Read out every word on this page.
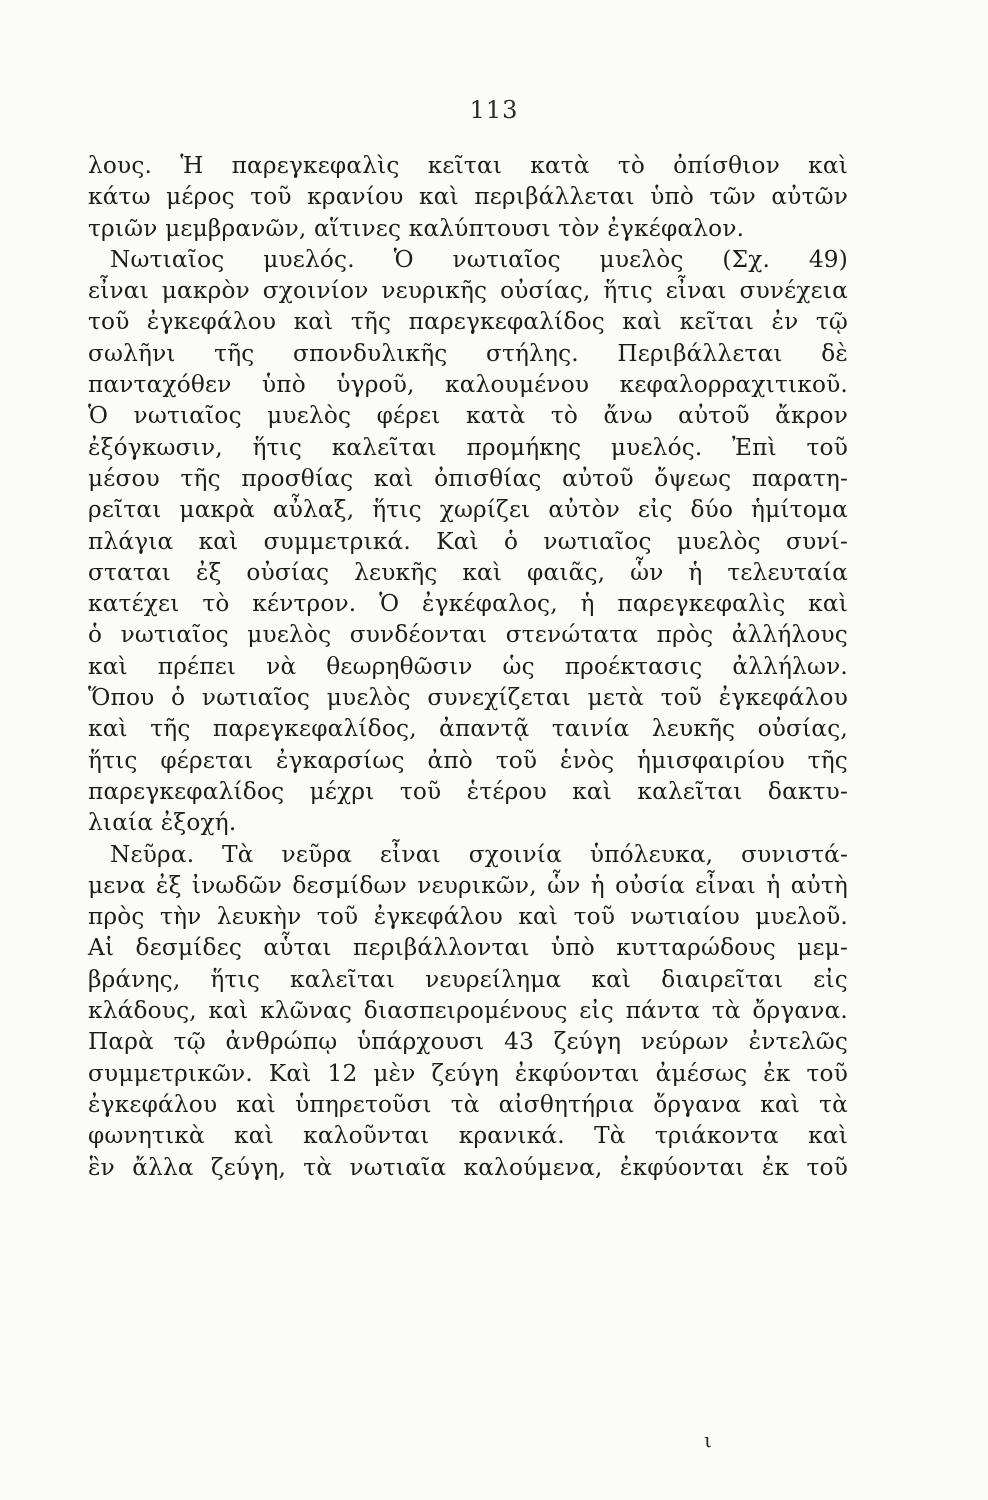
113
λους. Ἡ παρεγκεφαλὶς κεῖται κατὰ τὸ ὀπίσθιον καὶ
κάτω μέρος τοῦ κρανίου καὶ περιβάλλεται ὑπὸ τῶν αὐτῶν
τριῶν μεμβρανῶν, αἵτινες καλύπτουσι τὸν ἐγκέφαλον.
Νωτιαῖος μυελός. Ὁ νωτιαῖος μυελὸς (Σχ. 49)
εἶναι μακρὸν σχοινίον νευρικῆς οὐσίας, ἥτις εἶναι συνέχεια
τοῦ ἐγκεφάλου καὶ τῆς παρεγκεφαλίδος καὶ κεῖται ἐν τῷ
σωλῆνι τῆς σπονδυλικῆς στήλης. Περιβάλλεται δὲ
πανταχόθεν ὑπὸ ὑγροῦ, καλουμένου κεφαλορραχιτικοῦ.
Ὁ νωτιαῖος μυελὸς φέρει κατὰ τὸ ἄνω αὐτοῦ ἄκρον
ἐξόγκωσιν, ἥτις καλεῖται προμήκης μυελός. Ἐπὶ τοῦ
μέσου τῆς προσθίας καὶ ὀπισθίας αὐτοῦ ὄψεως παρατη-
ρεῖται μακρὰ αὖλαξ, ἥτις χωρίζει αὐτὸν εἰς δύο ἡμίτομα
πλάγια καὶ συμμετρικά. Καὶ ὁ νωτιαῖος μυελὸς συνί-
σταται ἐξ οὐσίας λευκῆς καὶ φαιᾶς, ὧν ἡ τελευταία
κατέχει τὸ κέντρον. Ὁ ἐγκέφαλος, ἡ παρεγκεφαλὶς καὶ
ὁ νωτιαῖος μυελὸς συνδέονται στενώτατα πρὸς ἀλλήλους
καὶ πρέπει νὰ θεωρηθῶσιν ὡς προέκτασις ἀλλήλων.
Ὅπου ὁ νωτιαῖος μυελὸς συνεχίζεται μετὰ τοῦ ἐγκεφάλου
καὶ τῆς παρεγκεφαλίδος, ἀπαντᾷ ταινία λευκῆς οὐσίας,
ἥτις φέρεται ἐγκαρσίως ἀπὸ τοῦ ἑνὸς ἡμισφαιρίου τῆς
παρεγκεφαλίδος μέχρι τοῦ ἑτέρου καὶ καλεῖται δακτυ-
λιαία ἐξοχή.
Νεῦρα. Τὰ νεῦρα εἶναι σχοινία ὑπόλευκα, συνιστά-
μενα ἐξ ἰνωδῶν δεσμίδων νευρικῶν, ὧν ἡ οὐσία εἶναι ἡ αὐτὴ
πρὸς τὴν λευκὴν τοῦ ἐγκεφάλου καὶ τοῦ νωτιαίου μυελοῦ.
Αἱ δεσμίδες αὗται περιβάλλονται ὑπὸ κυτταρώδους μεμ-
βράνης, ἥτις καλεῖται νευρείλημα καὶ διαιρεῖται εἰς
κλάδους, καὶ κλῶνας διασπειρομένους εἰς πάντα τὰ ὄργανα.
Παρὰ τῷ ἀνθρώπῳ ὑπάρχουσι 43 ζεύγη νεύρων ἐντελῶς
συμμετρικῶν. Καὶ 12 μὲν ζεύγη ἐκφύονται ἀμέσως ἐκ τοῦ
ἐγκεφάλου καὶ ὑπηρετοῦσι τὰ αἰσθητήρια ὄργανα καὶ τὰ
φωνητικὰ καὶ καλοῦνται κρανικά. Τὰ τριάκοντα καὶ
ἓν ἄλλα ζεύγη, τὰ νωτιαῖα καλούμενα, ἐκφύονται ἐκ τοῦ
ι
